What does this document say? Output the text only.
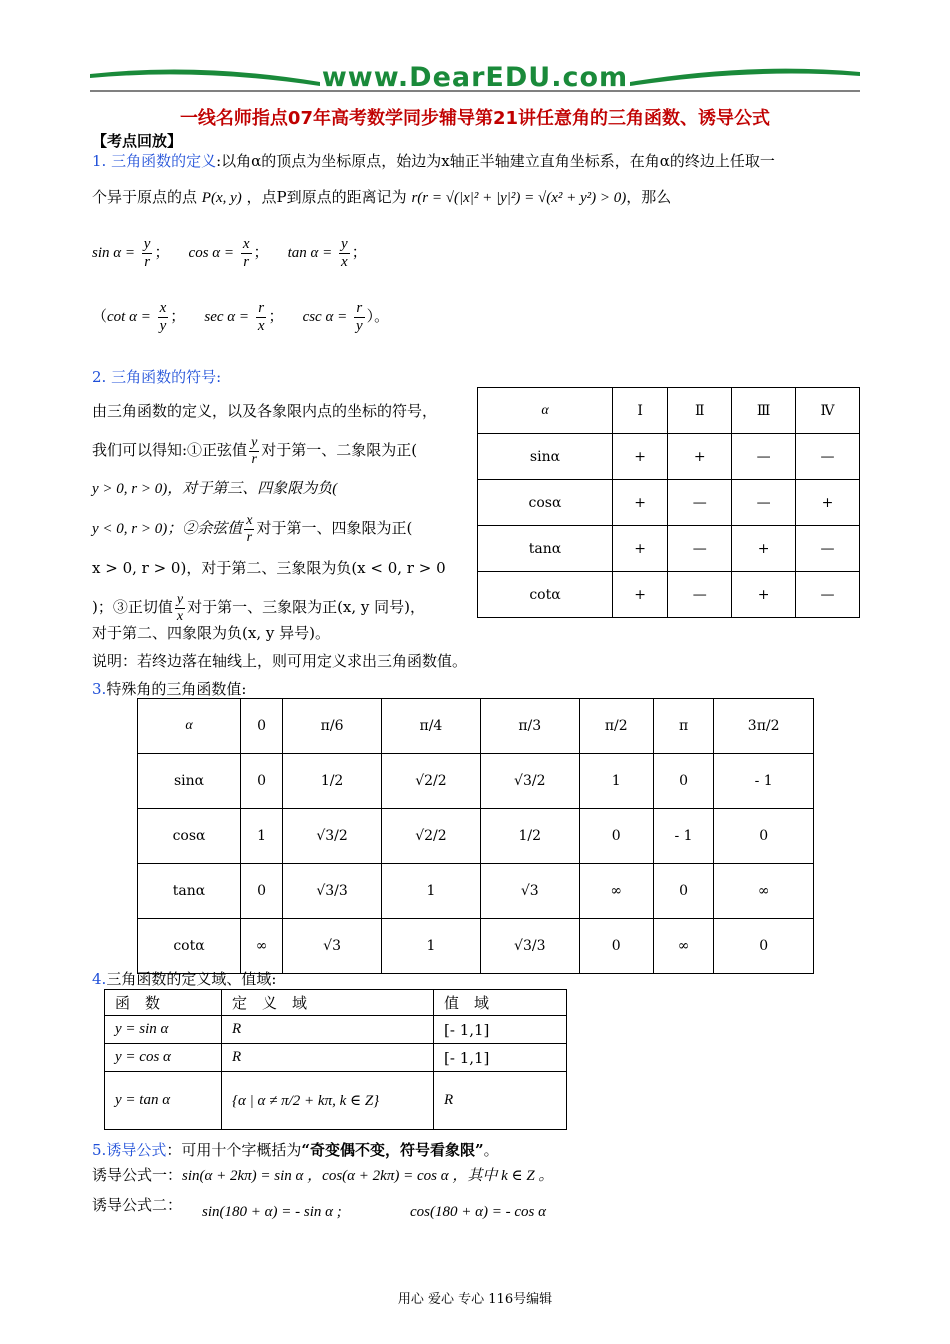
www.DearEDU.com
一线名师指点07年高考数学同步辅导第21讲任意角的三角函数、诱导公式
【考点回放】
1. 三角函数的定义:以角α的顶点为坐标原点，始边为x轴正半轴建立直角坐标系，在角α的终边上任取一
个异于原点的点 P(x, y) ，点P到原点的距离记为 r(r = √(|x|² + |y|²) = √(x² + y²) > 0)，那么
$\sin \alpha = \frac{y}{r}$ ；    $\cos \alpha = \frac{x}{r}$ ；    $\tan \alpha = \frac{y}{x}$ ；
（cot $\alpha = \frac{x}{y}$ ；    $\sec \alpha = \frac{r}{x}$ ；    $\csc \alpha = \frac{r}{y}$ ）。
2. 三角函数的符号:
由三角函数的定义，以及各象限内点的坐标的符号，
我们可以得知:①正弦值 $\frac{y}{r}$ 对于第一、二象限为正(
y > 0, r > 0)，对于第三、四象限为负(
y < 0, r > 0)；②余弦值 $\frac{x}{r}$ 对于第一、四象限为正(
x > 0, r > 0)，对于第二、三象限为负(x < 0, r > 0
)；③正切值 $\frac{y}{x}$ 对于第一、三象限为正(x, y 同号)，
对于第二、四象限为负(x, y 异号)。
说明：若终边落在轴线上，则可用定义求出三角函数值。
α	Ⅰ	Ⅱ	Ⅲ	Ⅳ
sinα	+	+	—	—
cosα	+	—	—	+
tanα	+	—	+	—
cotα	+	—	+	—
3.特殊角的三角函数值:
α	0	π/6	π/4	π/3	π/2	π	3π/2
sinα	0	1/2	√2/2	√3/2	1	0	- 1
cosα	1	√3/2	√2/2	1/2	0	- 1	0
tanα	0	√3/3	1	√3	∞	0	∞
cotα	∞	√3	1	√3/3	0	∞	0
4.三角函数的定义域、值域:
函　数	定　义　域	值　域
y = sin α	R	[- 1,1]
y = cos α	R	[- 1,1]
y = tan α	{α | α ≠ π/2 + kπ, k ∈ Z}	R
5.诱导公式：可用十个字概括为“奇变偶不变，符号看象限”。
诱导公式一：sin(α + 2kπ) = sin α ，cos(α + 2kπ) = cos α ，其中 k ∈ Z 。
诱导公式二： sin(180 + α) = - sin α ;	cos(180 + α) = - cos α
用心 爱心 专心 116号编辑
